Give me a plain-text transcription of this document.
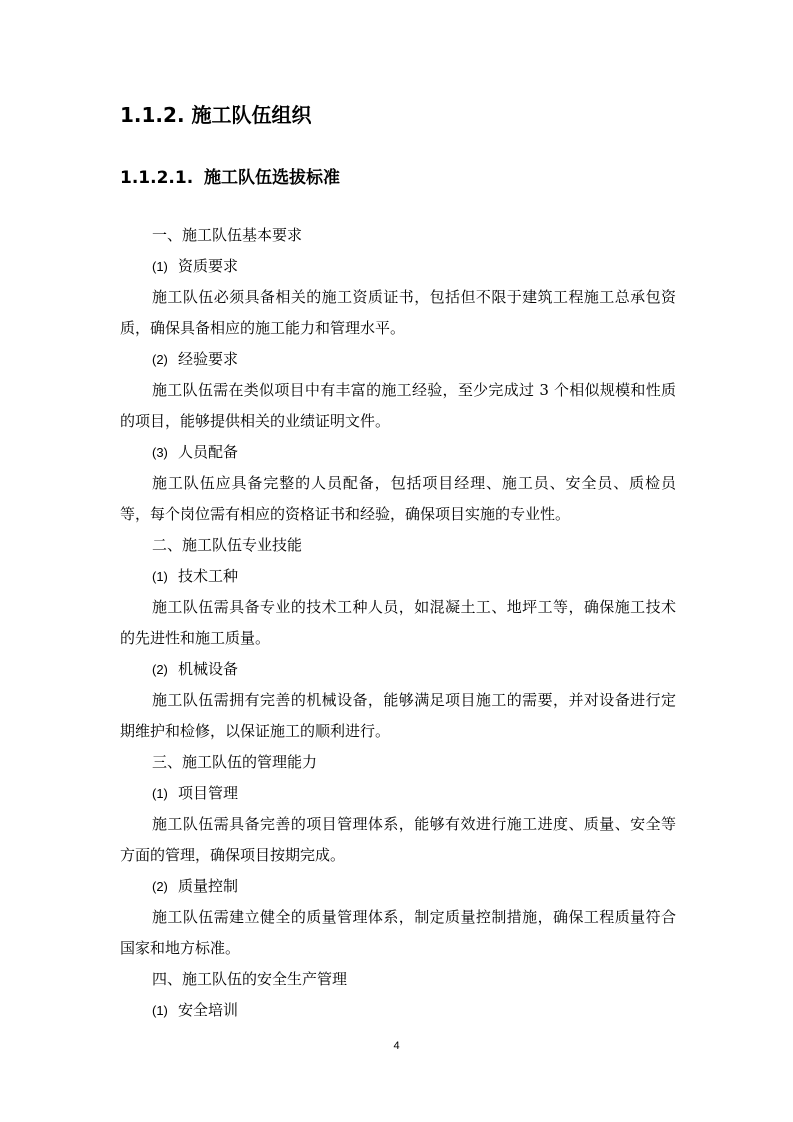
1.1.2. 施工队伍组织
1.1.2.1. 施工队伍选拔标准

一、施工队伍基本要求

(1) 资质要求

施工队伍必须具备相关的施工资质证书，包括但不限于建筑工程施工总承包资质，确保具备相应的施工能力和管理水平。

(2) 经验要求

施工队伍需在类似项目中有丰富的施工经验，至少完成过 3 个相似规模和性质的项目，能够提供相关的业绩证明文件。

(3) 人员配备

施工队伍应具备完整的人员配备，包括项目经理、施工员、安全员、质检员等，每个岗位需有相应的资格证书和经验，确保项目实施的专业性。

二、施工队伍专业技能

(1) 技术工种

施工队伍需具备专业的技术工种人员，如混凝土工、地坪工等，确保施工技术的先进性和施工质量。

(2) 机械设备

施工队伍需拥有完善的机械设备，能够满足项目施工的需要，并对设备进行定期维护和检修，以保证施工的顺利进行。

三、施工队伍的管理能力

(1) 项目管理

施工队伍需具备完善的项目管理体系，能够有效进行施工进度、质量、安全等方面的管理，确保项目按期完成。

(2) 质量控制

施工队伍需建立健全的质量管理体系，制定质量控制措施，确保工程质量符合国家和地方标准。

四、施工队伍的安全生产管理

(1) 安全培训

4
